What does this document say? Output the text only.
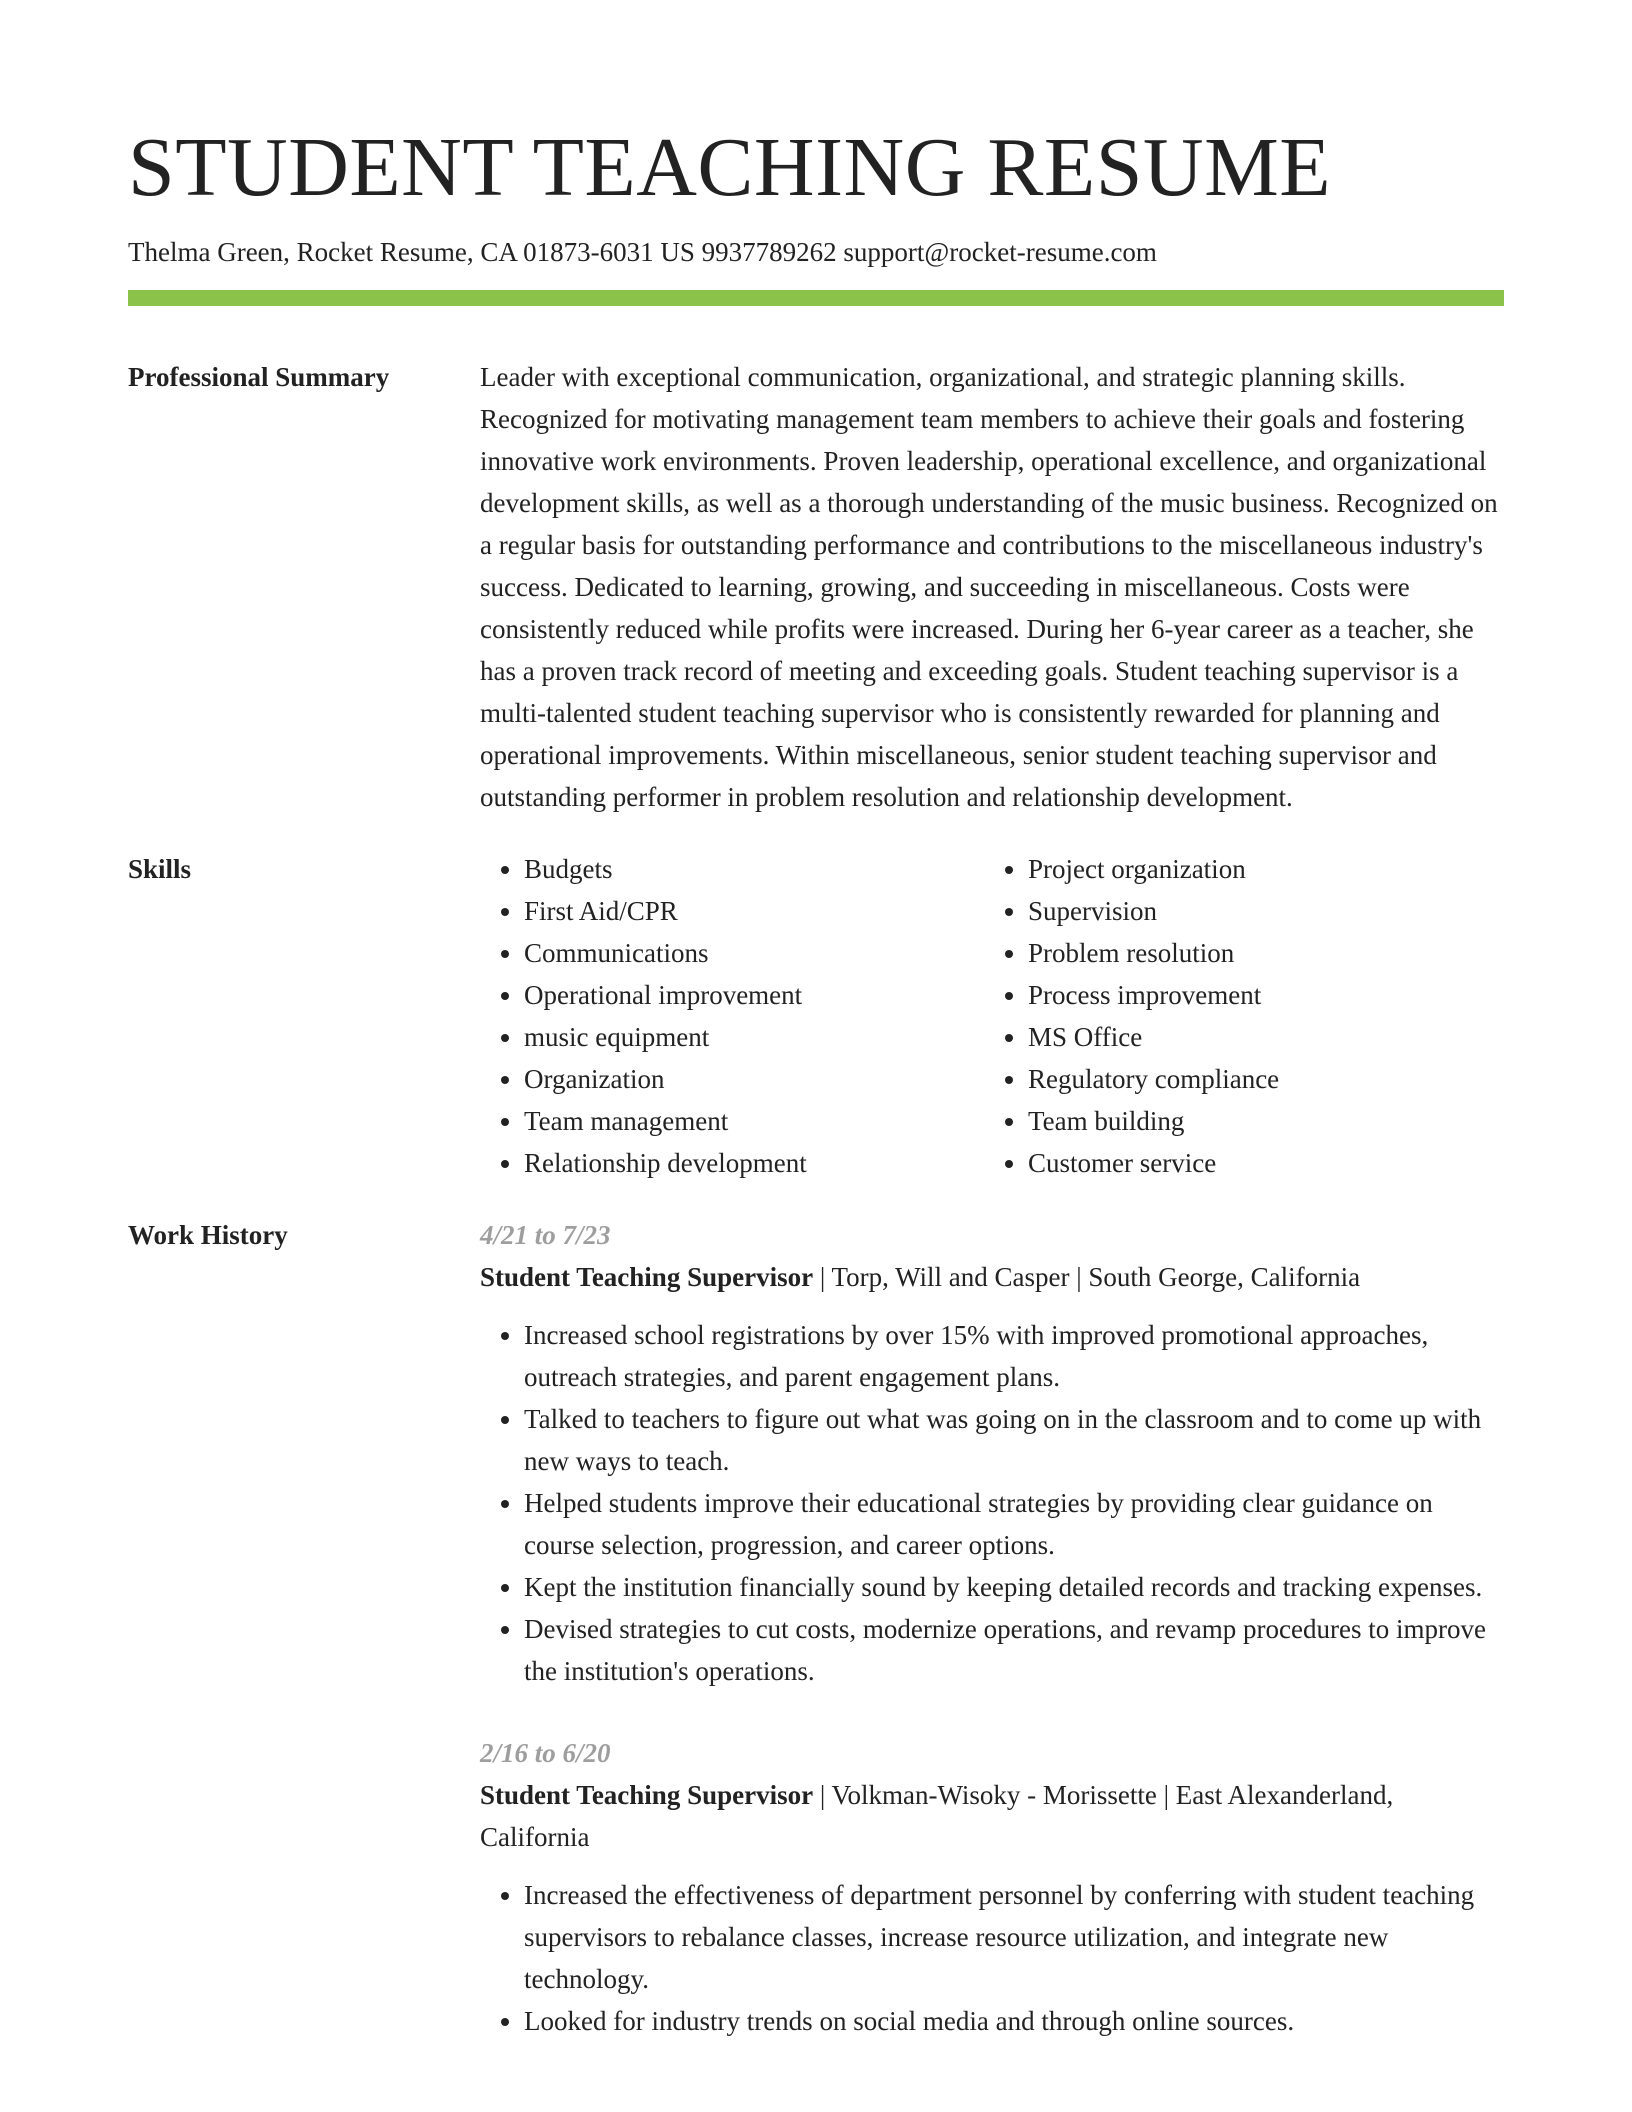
STUDENT TEACHING RESUME
Thelma Green, Rocket Resume, CA 01873-6031 US 9937789262 support@rocket-resume.com
Professional Summary	Leader with exceptional communication, organizational, and strategic planning skills. Recognized for motivating management team members to achieve their goals and fostering innovative work environments. Proven leadership, operational excellence, and organizational development skills, as well as a thorough understanding of the music business. Recognized on a regular basis for outstanding performance and contributions to the miscellaneous industry's success. Dedicated to learning, growing, and succeeding in miscellaneous. Costs were consistently reduced while profits were increased. During her 6-year career as a teacher, she has a proven track record of meeting and exceeding goals. Student teaching supervisor is a multi-talented student teaching supervisor who is consistently rewarded for planning and operational improvements. Within miscellaneous, senior student teaching supervisor and outstanding performer in problem resolution and relationship development.

Skills
•	Budgets
• First Aid/CPR
• Communications
• Operational improvement
• music equipment
• Organization
• Team management
• Relationship development
• Project organization
• Supervision
• Problem resolution
• Process improvement
• MS Office
• Regulatory compliance
• Team building
• Customer service
Work History	4/21 to 7/23
Student Teaching Supervisor | Torp, Will and Casper | South George, California
• Increased school registrations by over 15% with improved promotional approaches, outreach strategies, and parent engagement plans.
• Talked to teachers to figure out what was going on in the classroom and to come up with new ways to teach.
• Helped students improve their educational strategies by providing clear guidance on course selection, progression, and career options.
• Kept the institution financially sound by keeping detailed records and tracking expenses.
• Devised strategies to cut costs, modernize operations, and revamp procedures to improve the institution's operations.
2/16 to 6/20
Student Teaching Supervisor | Volkman-Wisoky - Morissette | East Alexanderland, California
• Increased the effectiveness of department personnel by conferring with student teaching supervisors to rebalance classes, increase resource utilization, and integrate new technology.
• Looked for industry trends on social media and through online sources.
